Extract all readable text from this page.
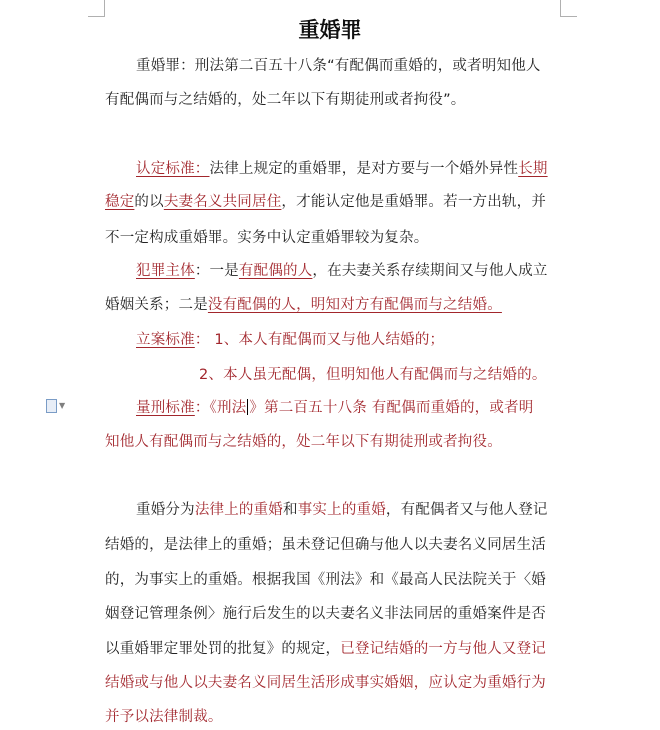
重婚罪
重婚罪：刑法第二百五十八条“有配偶而重婚的，或者明知他人
有配偶而与之结婚的，处二年以下有期徒刑或者拘役”。
认定标准：法律上规定的重婚罪，是对方要与一个婚外异性长期
稳定的以夫妻名义共同居住，才能认定他是重婚罪。若一方出轨，并
不一定构成重婚罪。实务中认定重婚罪较为复杂。
犯罪主体：一是有配偶的人，在夫妻关系存续期间又与他人成立
婚姻关系；二是没有配偶的人，明知对方有配偶而与之结婚。
立案标准： 1、本人有配偶而又与他人结婚的；
2、本人虽无配偶，但明知他人有配偶而与之结婚的。
▼	量刑标准：《刑法 》第二百五十八条 有配偶而重婚的，或者明
知他人有配偶而与之结婚的，处二年以下有期徒刑或者拘役。
重婚分为法律上的重婚和事实上的重婚，有配偶者又与他人登记
结婚的，是法律上的重婚；虽未登记但确与他人以夫妻名义同居生活
的，为事实上的重婚。根据我国《刑法》和《最高人民法院关于〈婚
姻登记管理条例〉施行后发生的以夫妻名义非法同居的重婚案件是否
以重婚罪定罪处罚的批复》的规定，已登记结婚的一方与他人又登记
结婚或与他人以夫妻名义同居生活形成事实婚姻，应认定为重婚行为
并予以法律制裁。
